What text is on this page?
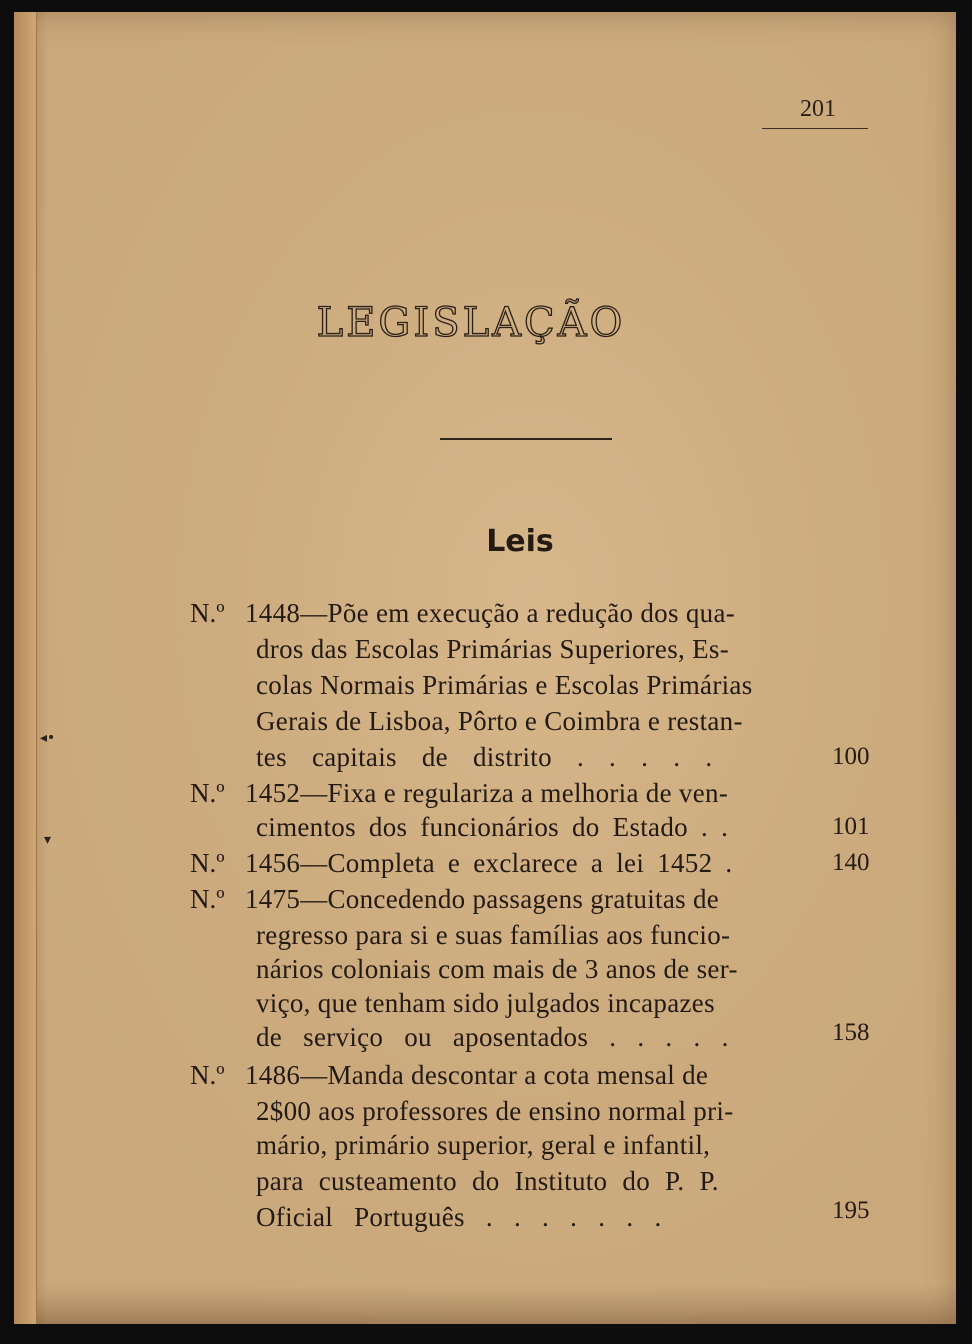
◂•
▾
201
LEGISLAÇÃO
Leis
N.º 1448—Põe em execução a redução dos qua-
dros das Escolas Primárias Superiores, Es-
colas Normais Primárias e Escolas Primárias
Gerais de Lisboa, Pôrto e Coimbra e restan-
tes capitais de distrito . . . . .	100
N.º 1452—Fixa e regulariza a melhoria de ven-
cimentos dos funcionários do Estado . .	101
N.º 1456—Completa e exclarece a lei 1452 .	140
N.º 1475—Concedendo passagens gratuitas de
regresso para si e suas famílias aos funcio-
nários coloniais com mais de 3 anos de ser-
viço, que tenham sido julgados incapazes
de serviço ou aposentados . . . . .	158
N.º 1486—Manda descontar a cota mensal de
2$00 aos professores de ensino normal pri-
mário, primário superior, geral e infantil,
para custeamento do Instituto do P. P.
Oficial Português . . . . . . .	195
